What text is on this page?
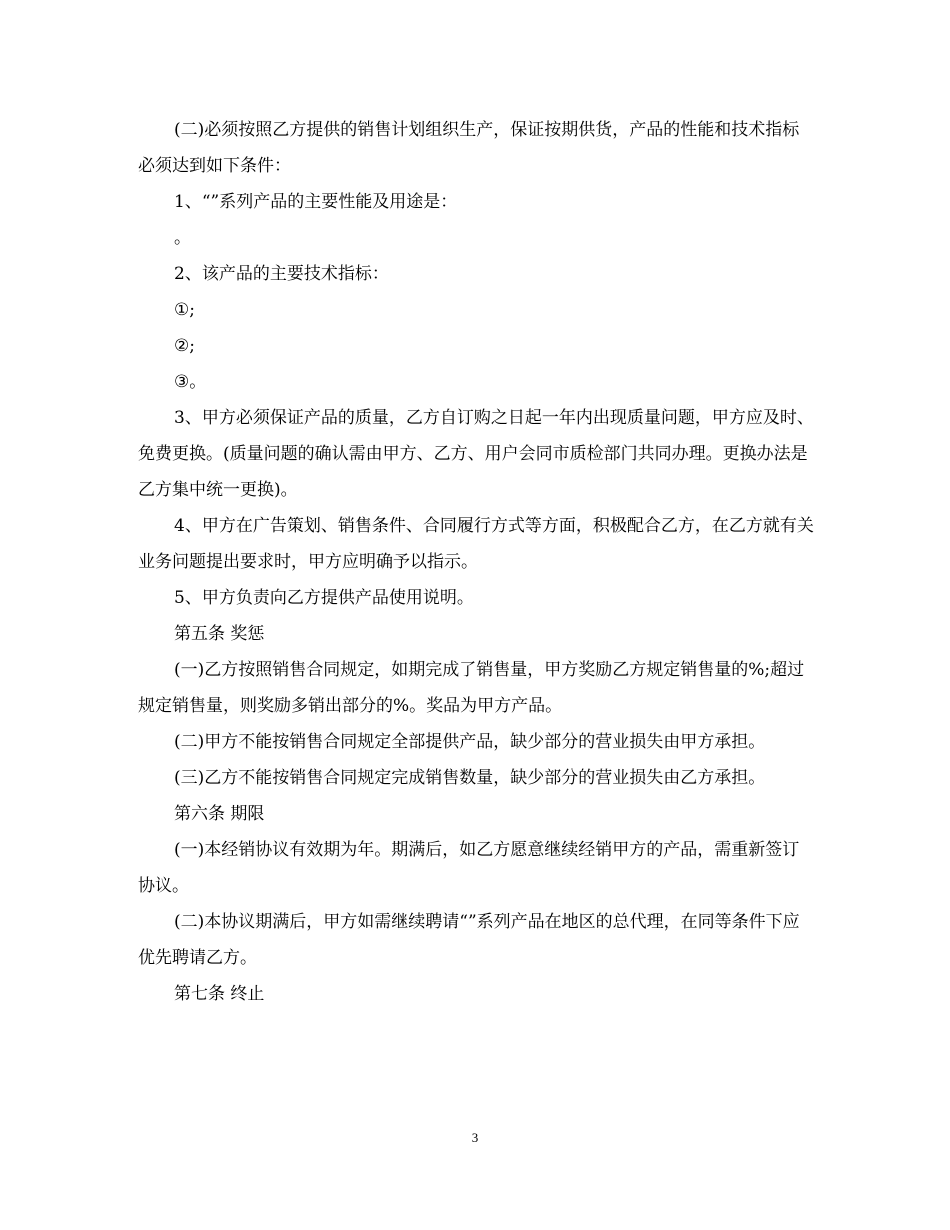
(二)必须按照乙方提供的销售计划组织生产，保证按期供货，产品的性能和技术指标必须达到如下条件：

1、“”系列产品的主要性能及用途是：

。

2、该产品的主要技术指标：

①;

②;

③。

3、甲方必须保证产品的质量，乙方自订购之日起一年内出现质量问题，甲方应及时、免费更换。(质量问题的确认需由甲方、乙方、用户会同市质检部门共同办理。更换办法是乙方集中统一更换)。

4、甲方在广告策划、销售条件、合同履行方式等方面，积极配合乙方，在乙方就有关业务问题提出要求时，甲方应明确予以指示。

5、甲方负责向乙方提供产品使用说明。

第五条 奖惩

(一)乙方按照销售合同规定，如期完成了销售量，甲方奖励乙方规定销售量的%;超过规定销售量，则奖励多销出部分的%。奖品为甲方产品。

(二)甲方不能按销售合同规定全部提供产品，缺少部分的营业损失由甲方承担。

(三)乙方不能按销售合同规定完成销售数量，缺少部分的营业损失由乙方承担。

第六条 期限

(一)本经销协议有效期为年。期满后，如乙方愿意继续经销甲方的产品，需重新签订协议。

(二)本协议期满后，甲方如需继续聘请“”系列产品在地区的总代理，在同等条件下应优先聘请乙方。

第七条 终止

3
